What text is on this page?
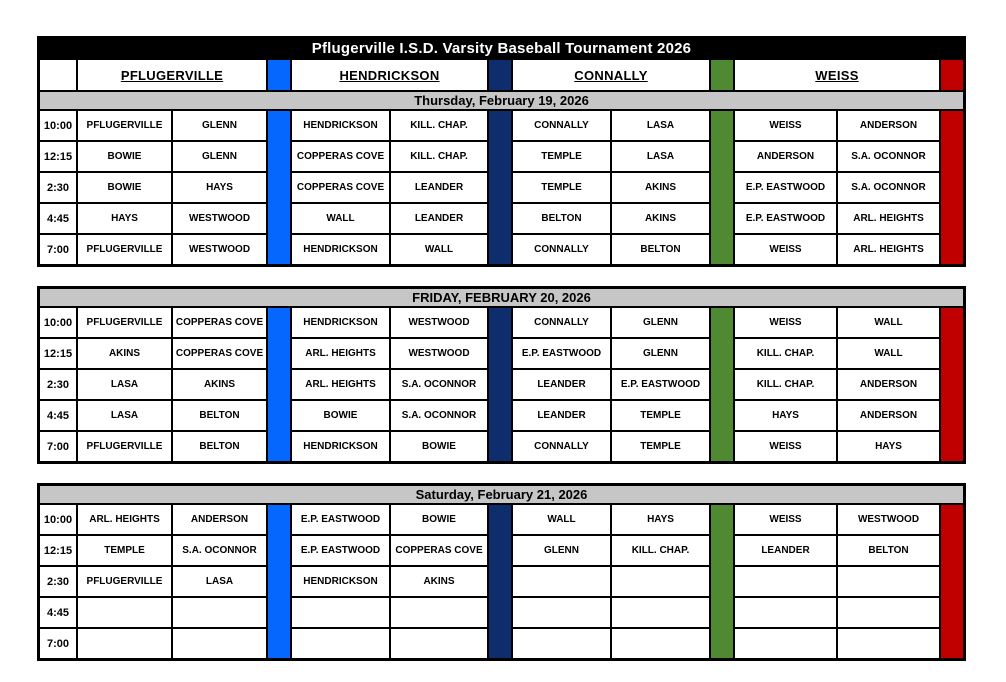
Pflugerville I.S.D. Varsity Baseball Tournament 2026
PFLUGERVILLE	HENDRICKSON	CONNALLY	WEISS
Thursday, February 19, 2026
10:00	PFLUGERVILLE	GLENN	HENDRICKSON	KILL. CHAP.	CONNALLY	LASA	WEISS	ANDERSON
12:15	BOWIE	GLENN	COPPERAS COVE	KILL. CHAP.	TEMPLE	LASA	ANDERSON	S.A. OCONNOR
2:30	BOWIE	HAYS	COPPERAS COVE	LEANDER	TEMPLE	AKINS	E.P. EASTWOOD	S.A. OCONNOR
4:45	HAYS	WESTWOOD	WALL	LEANDER	BELTON	AKINS	E.P. EASTWOOD	ARL. HEIGHTS
7:00	PFLUGERVILLE	WESTWOOD	HENDRICKSON	WALL	CONNALLY	BELTON	WEISS	ARL. HEIGHTS
FRIDAY, FEBRUARY 20, 2026
10:00	PFLUGERVILLE	COPPERAS COVE	HENDRICKSON	WESTWOOD	CONNALLY	GLENN	WEISS	WALL
12:15	AKINS	COPPERAS COVE	ARL. HEIGHTS	WESTWOOD	E.P. EASTWOOD	GLENN	KILL. CHAP.	WALL
2:30	LASA	AKINS	ARL. HEIGHTS	S.A. OCONNOR	LEANDER	E.P. EASTWOOD	KILL. CHAP.	ANDERSON
4:45	LASA	BELTON	BOWIE	S.A. OCONNOR	LEANDER	TEMPLE	HAYS	ANDERSON
7:00	PFLUGERVILLE	BELTON	HENDRICKSON	BOWIE	CONNALLY	TEMPLE	WEISS	HAYS
Saturday, February 21, 2026
10:00	ARL. HEIGHTS	ANDERSON	E.P. EASTWOOD	BOWIE	WALL	HAYS	WEISS	WESTWOOD
12:15	TEMPLE	S.A. OCONNOR	E.P. EASTWOOD	COPPERAS COVE	GLENN	KILL. CHAP.	LEANDER	BELTON
2:30	PFLUGERVILLE	LASA	HENDRICKSON	AKINS
4:45
7:00
